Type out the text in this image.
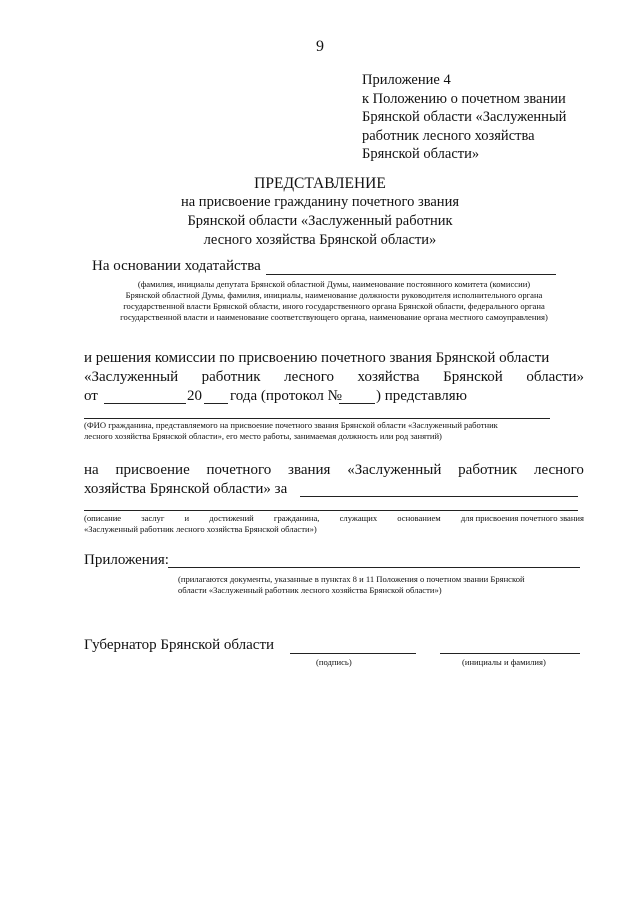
9
Приложение 4
к Положению о почетном звании
Брянской области «Заслуженный
работник лесного хозяйства
Брянской области»
ПРЕДСТАВЛЕНИЕ
на присвоение гражданину почетного звания
Брянской области «Заслуженный работник
лесного хозяйства Брянской области»
На основании ходатайства
(фамилия, инициалы депутата Брянской областной Думы, наименование постоянного комитета (комиссии)
Брянской областной Думы, фамилия, инициалы, наименование должности руководителя исполнительного органа
государственной власти Брянской области, иного государственного органа Брянской области, федерального органа
государственной власти и наименование соответствующего органа, наименование органа местного самоуправления)
и решения комиссии по присвоению почетного звания Брянской области
«Заслуженный работник лесного хозяйства Брянской области»
от	20 года (протокол № ) представляю
(ФИО гражданина, представляемого на присвоение почетного звания Брянской области «Заслуженный работник
лесного хозяйства Брянской области», его место работы, занимаемая должность или род занятий)
на присвоение почетного звания «Заслуженный работник лесного
хозяйства Брянской области» за
(описание заслуг и достижений гражданина, служащих основанием для присвоения почетного звания
«Заслуженный работник лесного хозяйства Брянской области»)
Приложения:
(прилагаются документы, указанные в пунктах 8 и 11 Положения о почетном звании Брянской
области «Заслуженный работник лесного хозяйства Брянской области»)
Губернатор Брянской области
(подпись)	(инициалы и фамилия)
